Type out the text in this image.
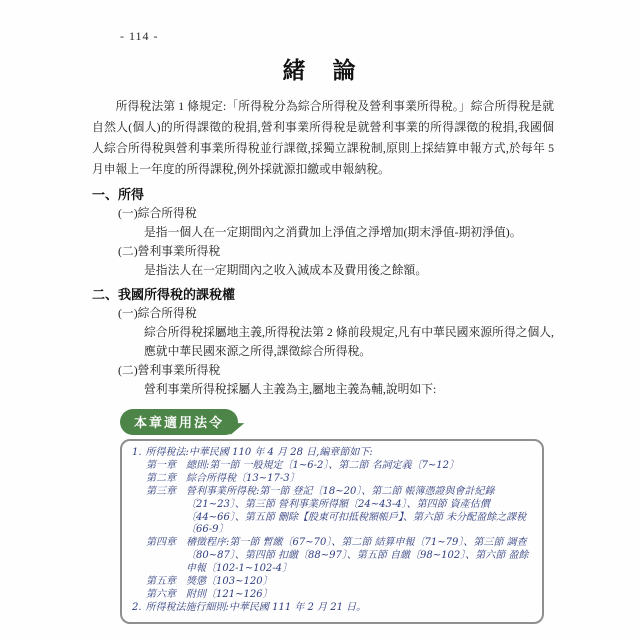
- 114 -
緒　論

所得稅法第 1 條規定:「所得稅分為綜合所得稅及營利事業所得稅。」綜合所得稅是就自然人(個人)的所得課徵的稅捐,營利事業所得稅是就營利事業的所得課徵的稅捐,我國個人綜合所得稅與營利事業所得稅並行課徵,採獨立課稅制,原則上採結算申報方式,於每年 5 月申報上一年度的所得課稅,例外採就源扣繳或申報納稅。

一、所得
(一)綜合所得稅
是指一個人在一定期間內之消費加上淨值之淨增加(期末淨值-期初淨值)。
(二)營利事業所得稅
是指法人在一定期間內之收入減成本及費用後之餘額。
二、我國所得稅的課稅權
(一)綜合所得稅
綜合所得稅採屬地主義,所得稅法第 2 條前段規定,凡有中華民國來源所得之個人,應就中華民國來源之所得,課徵綜合所得稅。
(二)營利事業所得稅
營利事業所得稅採屬人主義為主,屬地主義為輔,說明如下:
本章適用法令
1. 所得稅法:中華民國 110 年 4 月 28 日,編章節如下:
第一章　總則:第一節 一般規定〔1~6-2〕、第二節 名詞定義〔7~12〕
第二章　綜合所得稅〔13~17-3〕
第三章　營利事業所得稅:第一節 登記〔18~20〕、第二節 帳簿憑證與會計紀錄〔21~23〕、第三節 營利事業所得額〔24~43-4〕、第四節 資產估價〔44~66〕、第五節 刪除【股東可扣抵稅額帳戶】、第六節 未分配盈餘之課稅〔66-9〕
第四章　稽徵程序:第一節 暫繳〔67~70〕、第二節 結算申報〔71~79〕、第三節 調查〔80~87〕、第四節 扣繳〔88~97〕、第五節 自繳〔98~102〕、第六節 盈餘申報〔102-1~102-4〕
第五章　獎懲〔103~120〕
第六章　附則〔121~126〕
2. 所得稅法施行細則:中華民國 111 年 2 月 21 日。
